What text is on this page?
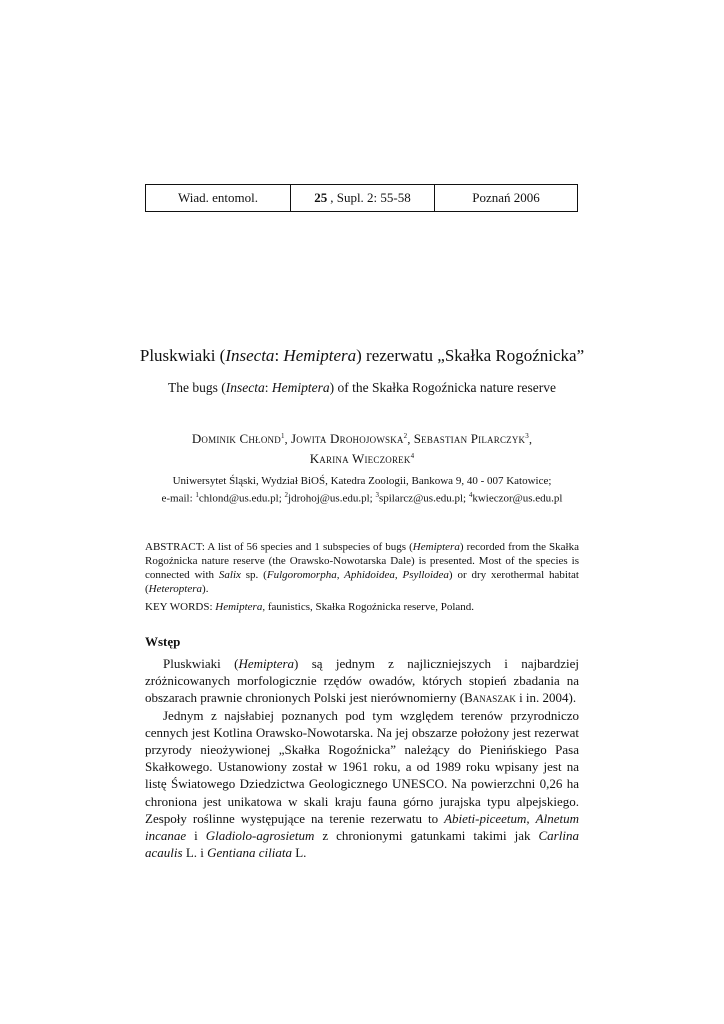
Wiad. entomol.	25 , Supl. 2: 55-58	Poznań 2006
Pluskwiaki (Insecta: Hemiptera) rezerwatu „Skałka Rogoźnicka”
The bugs (Insecta: Hemiptera) of the Skałka Rogoźnicka nature reserve
Dominik Chłond$^1$, Jowita Drohojowska$^2$, Sebastian Pilarczyk$^3$,
Karina Wieczorek$^4$
Uniwersytet Śląski, Wydział BiOŚ, Katedra Zoologii, Bankowa 9, 40 - 007 Katowice;
e-mail: $^1$chlond@us.edu.pl; $^2$jdrohoj@us.edu.pl; $^3$spilarcz@us.edu.pl; $^4$kwieczor@us.edu.pl
ABSTRACT: A list of 56 species and 1 subspecies of bugs (Hemiptera) recorded from the Skałka Rogoźnicka nature reserve (the Orawsko-Nowotarska Dale) is presented. Most of the species is connected with Salix sp. (Fulgoromorpha, Aphidoidea, Psylloidea) or dry xerothermal habitat (Heteroptera).
KEY WORDS: Hemiptera, faunistics, Skałka Rogoźnicka reserve, Poland.
Wstęp

Pluskwiaki (Hemiptera) są jednym z najliczniejszych i najbardziej zróżnicowanych morfologicznie rzędów owadów, których stopień zbadania na obszarach prawnie chronionych Polski jest nierównomierny (Banaszak i in. 2004).

Jednym z najsłabiej poznanych pod tym względem terenów przyrodniczo cennych jest Kotlina Orawsko-Nowotarska. Na jej obszarze położony jest rezerwat przyrody nieożywionej „Skałka Rogoźnicka” należący do Pienińskiego Pasa Skałkowego. Ustanowiony został w 1961 roku, a od 1989 roku wpisany jest na listę Światowego Dziedzictwa Geologicznego UNESCO. Na powierzchni 0,26 ha chroniona jest unikatowa w skali kraju fauna górno jurajska typu alpejskiego. Zespoły roślinne występujące na terenie rezerwatu to Abieti-piceetum, Alnetum incanae i Gladiolo-agrosietum z chronionymi gatunkami takimi jak Carlina acaulis L. i Gentiana ciliata L.
